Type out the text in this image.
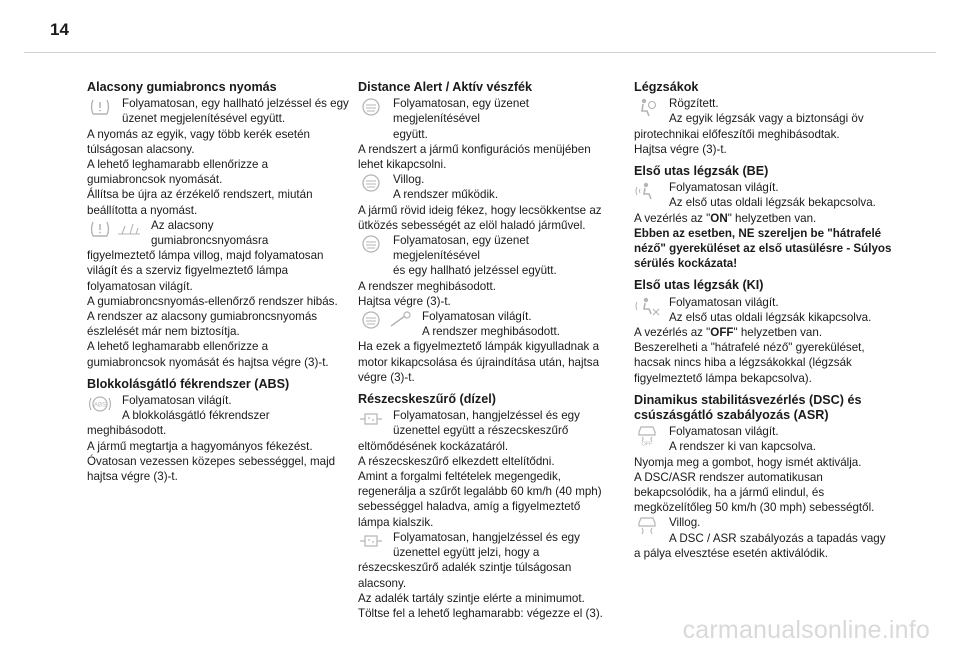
14
Alacsony gumiabroncs nyomás

Folyamatosan, egy hallható jelzéssel és egy

üzenet megjelenítésével együtt.

A nyomás az egyik, vagy több kerék esetén

túlságosan alacsony.

A lehető leghamarabb ellenőrizze a

gumiabroncsok nyomását.

Állítsa be újra az érzékelő rendszert, miután

beállította a nyomást.

Az alacsony

gumiabroncsnyomásra

figyelmeztető lámpa villog, majd folyamatosan

világít és a szerviz figyelmeztető lámpa

folyamatosan világít.

A gumiabroncsnyomás-ellenőrző rendszer hibás.

A rendszer az alacsony gumiabroncsnyomás

észlelését már nem biztosítja.

A lehető leghamarabb ellenőrizze a

gumiabroncsok nyomását és hajtsa végre (3)-t.

Blokkolásgátló fékrendszer (ABS)
ABS Folyamatosan világít.

A blokkolásgátló fékrendszer

meghibásodott.

A jármű megtartja a hagyományos fékezést.

Óvatosan vezessen közepes sebességgel, majd

hajtsa végre (3)-t.

Distance Alert / Aktív vészfék

Folyamatosan, egy üzenet megjelenítésével

együtt.

A rendszert a jármű konfigurációs menüjében

lehet kikapcsolni.

Villog.

A rendszer működik.

A jármű rövid ideig fékez, hogy lecsökkentse az

ütközés sebességét az elöl haladó járművel.

Folyamatosan, egy üzenet megjelenítésével

és egy hallható jelzéssel együtt.

A rendszer meghibásodott.

Hajtsa végre (3)-t.

Folyamatosan világít.

A rendszer meghibásodott.

Ha ezek a figyelmeztető lámpák kigyulladnak a

motor kikapcsolása és újraindítása után, hajtsa

végre (3)-t.

Részecskeszűrő (dízel)

Folyamatosan, hangjelzéssel és egy

üzenettel együtt a részecskeszűrő

eltömődésének kockázatáról.

A részecskeszűrő elkezdett eltelítődni.

Amint a forgalmi feltételek megengedik,

regenerálja a szűrőt legalább 60 km/h (40 mph)

sebességgel haladva, amíg a figyelmeztető

lámpa kialszik.

Folyamatosan, hangjelzéssel és egy

üzenettel együtt jelzi, hogy a

részecskeszűrő adalék szintje túlságosan

alacsony.

Az adalék tartály szintje elérte a minimumot.

Töltse fel a lehető leghamarabb: végezze el (3).

Légzsákok

Rögzített.

Az egyik légzsák vagy a biztonsági öv

pirotechnikai előfeszítői meghibásodtak.

Hajtsa végre (3)-t.

Első utas légzsák (BE)

Folyamatosan világít.

Az első utas oldali légzsák bekapcsolva.

A vezérlés az "ON" helyzetben van.

Ebben az esetben, NE szereljen be "hátrafelé

néző" gyereküléset az első utasülésre - Súlyos

sérülés kockázata!

Első utas légzsák (KI)

Folyamatosan világít.

Az első utas oldali légzsák kikapcsolva.

A vezérlés az "OFF" helyzetben van.

Beszerelheti a "hátrafelé néző" gyereküléset,

hacsak nincs hiba a légzsákokkal (légzsák

figyelmeztető lámpa bekapcsolva).

Dinamikus stabilitásvezérlés (DSC) és
csúszásgátló szabályozás (ASR)
OFF

Folyamatosan világít.

A rendszer ki van kapcsolva.

Nyomja meg a gombot, hogy ismét aktiválja.

A DSC/ASR rendszer automatikusan

bekapcsolódik, ha a jármű elindul, és

megközelítőleg 50 km/h (30 mph) sebességtől.

Villog.

A DSC / ASR szabályozás a tapadás vagy

a pálya elvesztése esetén aktiválódik.

carmanualsonline.info
